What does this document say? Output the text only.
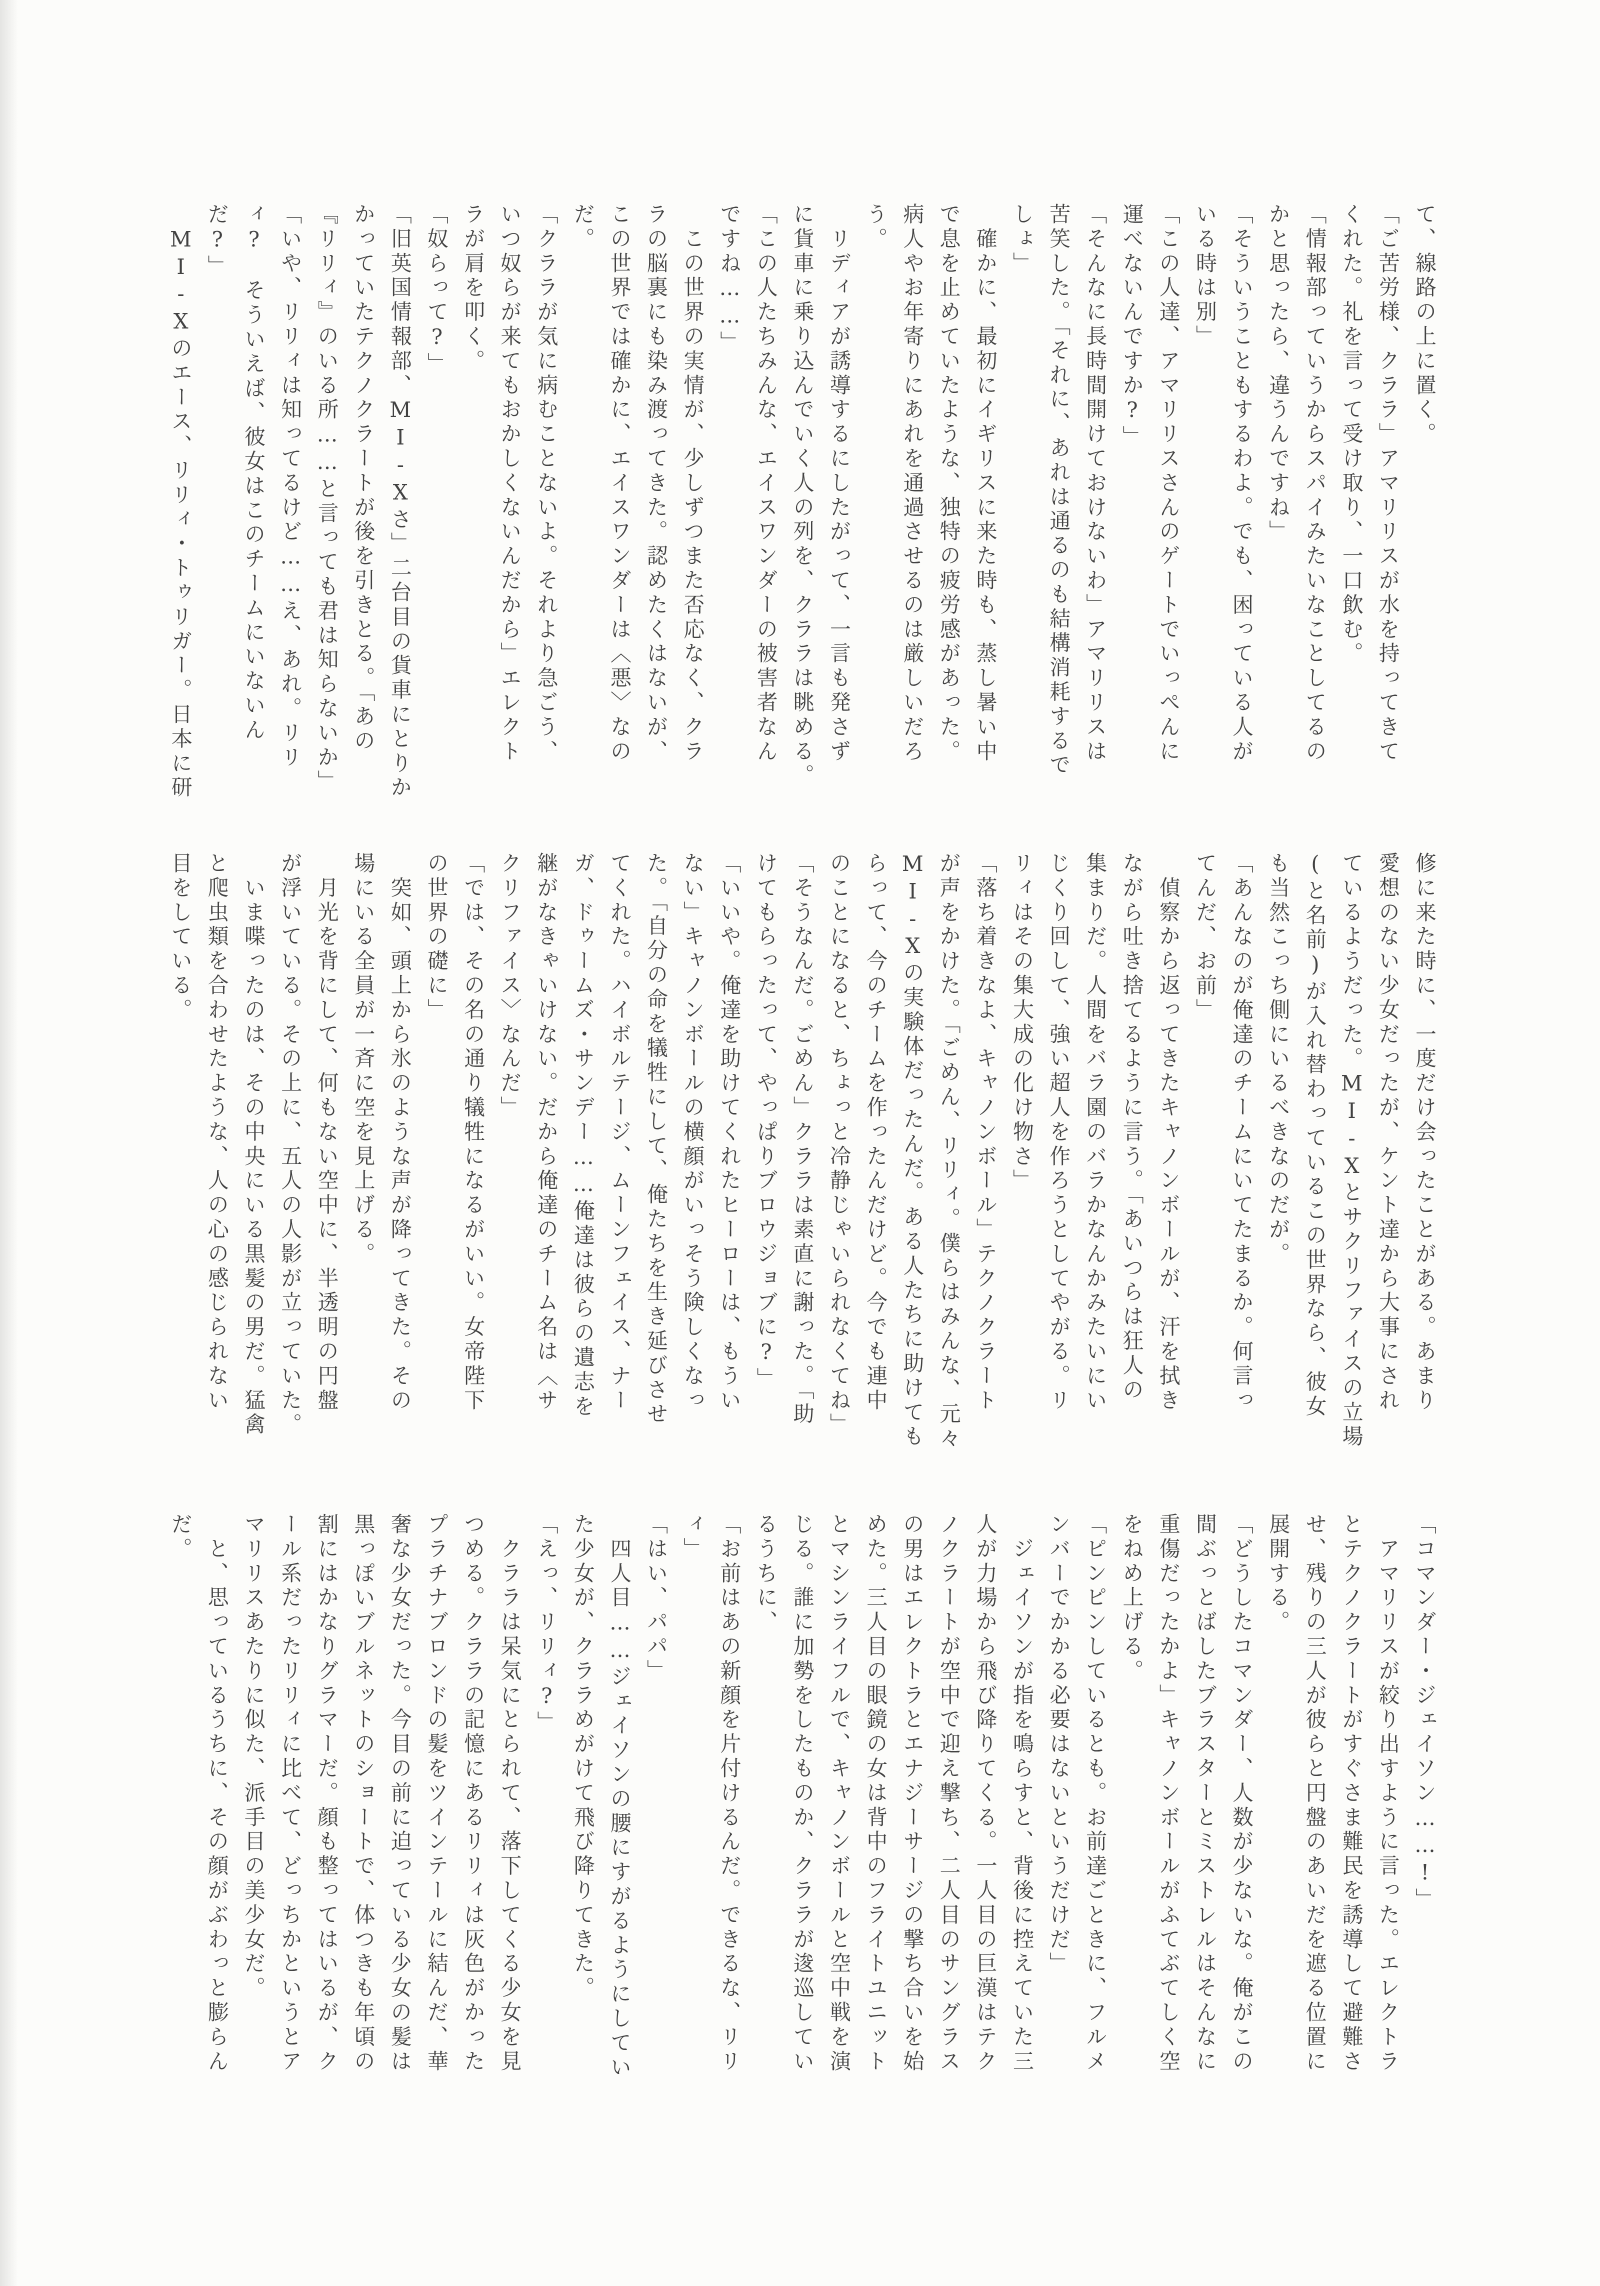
て、線路の上に置く。
「ご苦労様、クララ」アマリリスが水を持ってきて
くれた。礼を言って受け取り、一口飲む。
「情報部っていうからスパイみたいなことしてるの
かと思ったら、違うんですね」
「そういうこともするわよ。でも、困っている人が
いる時は別」
「この人達、アマリリスさんのゲートでいっぺんに
運べないんですか?」
「そんなに長時間開けておけないわ」アマリリスは
苦笑した。「それに、あれは通るのも結構消耗するで
しょ」
　確かに、最初にイギリスに来た時も、蒸し暑い中
で息を止めていたような、独特の疲労感があった。
病人やお年寄りにあれを通過させるのは厳しいだろ
う。
　リディアが誘導するにしたがって、一言も発さず
に貨車に乗り込んでいく人の列を、クララは眺める。
「この人たちみんな、エイスワンダーの被害者なん
ですね……」
　この世界の実情が、少しずつまた否応なく、クラ
ラの脳裏にも染み渡ってきた。認めたくはないが、
この世界では確かに、エイスワンダーは〈悪〉なの
だ。
「クララが気に病むことないよ。それより急ごう、
いつ奴らが来てもおかしくないんだから」エレクト
ラが肩を叩く。
「奴らって?」
「旧英国情報部、MI-Xさ」二台目の貨車にとりか
かっていたテクノクラートが後を引きとる。「あの
『リリィ』のいる所……と言っても君は知らないか」
「いや、リリィは知ってるけど……え、あれ。リリ
ィ?　そういえば、彼女はこのチームにいないん
だ?」
　MI-Xのエース、リリィ・トゥリガー。日本に研
修に来た時に、一度だけ会ったことがある。あまり
愛想のない少女だったが、ケント達から大事にされ
ているようだった。MI-Xとサクリファイスの立場
(と名前)が入れ替わっているこの世界なら、彼女
も当然こっち側にいるべきなのだが。
「あんなのが俺達のチームにいてたまるか。何言っ
てんだ、お前」
　偵察から返ってきたキャノンボールが、汗を拭き
ながら吐き捨てるように言う。「あいつらは狂人の
集まりだ。人間をバラ園のバラかなんかみたいにい
じくり回して、強い超人を作ろうとしてやがる。リ
リィはその集大成の化け物さ」
「落ち着きなよ、キャノンボール」テクノクラート
が声をかけた。「ごめん、リリィ。僕らはみんな、元々
MI-Xの実験体だったんだ。ある人たちに助けても
らって、今のチームを作ったんだけど。今でも連中
のことになると、ちょっと冷静じゃいられなくてね」
「そうなんだ。ごめん」クララは素直に謝った。「助
けてもらったって、やっぱりブロウジョブに?」
「いいや。俺達を助けてくれたヒーローは、もうい
ない」キャノンボールの横顔がいっそう険しくなっ
た。「自分の命を犠牲にして、俺たちを生き延びさせ
てくれた。ハイボルテージ、ムーンフェイス、ナー
ガ、ドゥームズ・サンデー……俺達は彼らの遺志を
継がなきゃいけない。だから俺達のチーム名は〈サ
クリファイス〉なんだ」
「では、その名の通り犠牲になるがいい。女帝陛下
の世界の礎に」
　突如、頭上から氷のような声が降ってきた。その
場にいる全員が一斉に空を見上げる。
　月光を背にして、何もない空中に、半透明の円盤
が浮いている。その上に、五人の人影が立っていた。
　いま喋ったのは、その中央にいる黒髪の男だ。猛禽
と爬虫類を合わせたような、人の心の感じられない
目をしている。
「コマンダー・ジェイソン……!」
　アマリリスが絞り出すように言った。エレクトラ
とテクノクラートがすぐさま難民を誘導して避難さ
せ、残りの三人が彼らと円盤のあいだを遮る位置に
展開する。
「どうしたコマンダー、人数が少ないな。俺がこの
間ぶっとばしたブラスターとミストレルはそんなに
重傷だったかよ」キャノンボールがふてぶてしく空
をねめ上げる。
「ピンピンしているとも。お前達ごときに、フルメ
ンバーでかかる必要はないというだけだ」
　ジェイソンが指を鳴らすと、背後に控えていた三
人が力場から飛び降りてくる。一人目の巨漢はテク
ノクラートが空中で迎え撃ち、二人目のサングラス
の男はエレクトラとエナジーサージの撃ち合いを始
めた。三人目の眼鏡の女は背中のフライトユニット
とマシンライフルで、キャノンボールと空中戦を演
じる。誰に加勢をしたものか、クララが逡巡してい
るうちに、
「お前はあの新顔を片付けるんだ。できるな、リリ
ィ」
「はい、パパ」
　四人目……ジェイソンの腰にすがるようにしてい
た少女が、クララめがけて飛び降りてきた。
「えっ、リリィ?」
　クララは呆気にとられて、落下してくる少女を見
つめる。クララの記憶にあるリリィは灰色がかった
プラチナブロンドの髪をツインテールに結んだ、華
奢な少女だった。今目の前に迫っている少女の髪は
黒っぽいブルネットのショートで、体つきも年頃の
割にはかなりグラマーだ。顔も整ってはいるが、ク
ール系だったリリィに比べて、どっちかというとア
マリリスあたりに似た、派手目の美少女だ。
　と、思っているうちに、その顔がぶわっと膨らん
だ。
